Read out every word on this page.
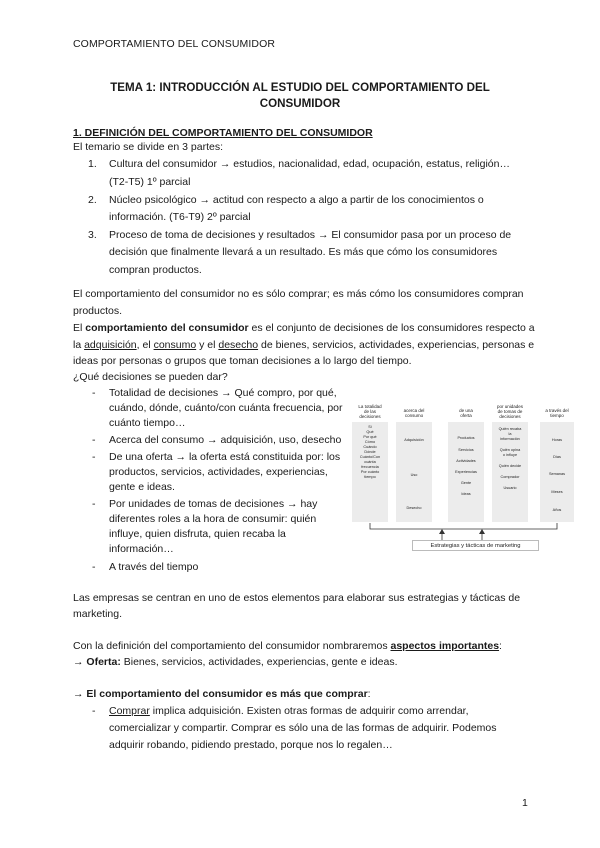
COMPORTAMIENTO DEL CONSUMIDOR
TEMA 1: INTRODUCCIÓN AL ESTUDIO DEL COMPORTAMIENTO DEL
CONSUMIDOR
1. DEFINICIÓN DEL COMPORTAMIENTO DEL CONSUMIDOR
El temario se divide en 3 partes:
1. Cultura del consumidor → estudios, nacionalidad, edad, ocupación, estatus, religión…
(T2-T5) 1º parcial
2. Núcleo psicológico → actitud con respecto a algo a partir de los conocimientos o
información. (T6-T9) 2º parcial
3. Proceso de toma de decisiones y resultados → El consumidor pasa por un proceso de
decisión que finalmente llevará a un resultado. Es más que cómo los consumidores
compran productos.
El comportamiento del consumidor no es sólo comprar; es más cómo los consumidores compran
productos.
El comportamiento del consumidor es el conjunto de decisiones de los consumidores respecto a
la adquisición, el consumo y el desecho de bienes, servicios, actividades, experiencias, personas e
ideas por personas o grupos que toman decisiones a lo largo del tiempo.
¿Qué decisiones se pueden dar?
- Totalidad de decisiones → Qué compro, por qué,
cuándo, dónde, cuánto/con cuánta frecuencia, por
cuánto tiempo…
- Acerca del consumo → adquisición, uso, desecho
- De una oferta → la oferta está constituida por: los
productos, servicios, actividades, experiencias,
gente e ideas.
- Por unidades de tomas de decisiones → hay
diferentes roles a la hora de consumir: quién
influye, quien disfruta, quien recaba la
información…
- A través del tiempo
La totalidad
de las
decisiones
Si
Qué
Por qué
Cómo
Cuándo
Dónde
Cuánto/Con
cuánta
frecuencia
Por cuánto
tiempo
acerca del
consumo
Adquisición
Uso
Desecho
de una
oferta
Productos
Servicios
Actividades
Experiencias
Gente
Ideas
por unidades
de tomas de
decisiones
Quién recaba
la
información
Quién opina
o influye
Quién decide
Comprador
Usuario
a través del
tiempo
Horas
Días
Semanas
Meses
Años
Estrategias y tácticas de marketing
Las empresas se centran en uno de estos elementos para elaborar sus estrategias y tácticas de
marketing.
Con la definición del comportamiento del consumidor nombraremos aspectos importantes:
→ Oferta: Bienes, servicios, actividades, experiencias, gente e ideas.
→ El comportamiento del consumidor es más que comprar:
- Comprar implica adquisición. Existen otras formas de adquirir como arrendar,
comercializar y compartir. Comprar es sólo una de las formas de adquirir. Podemos
adquirir robando, pidiendo prestado, porque nos lo regalen…
1
